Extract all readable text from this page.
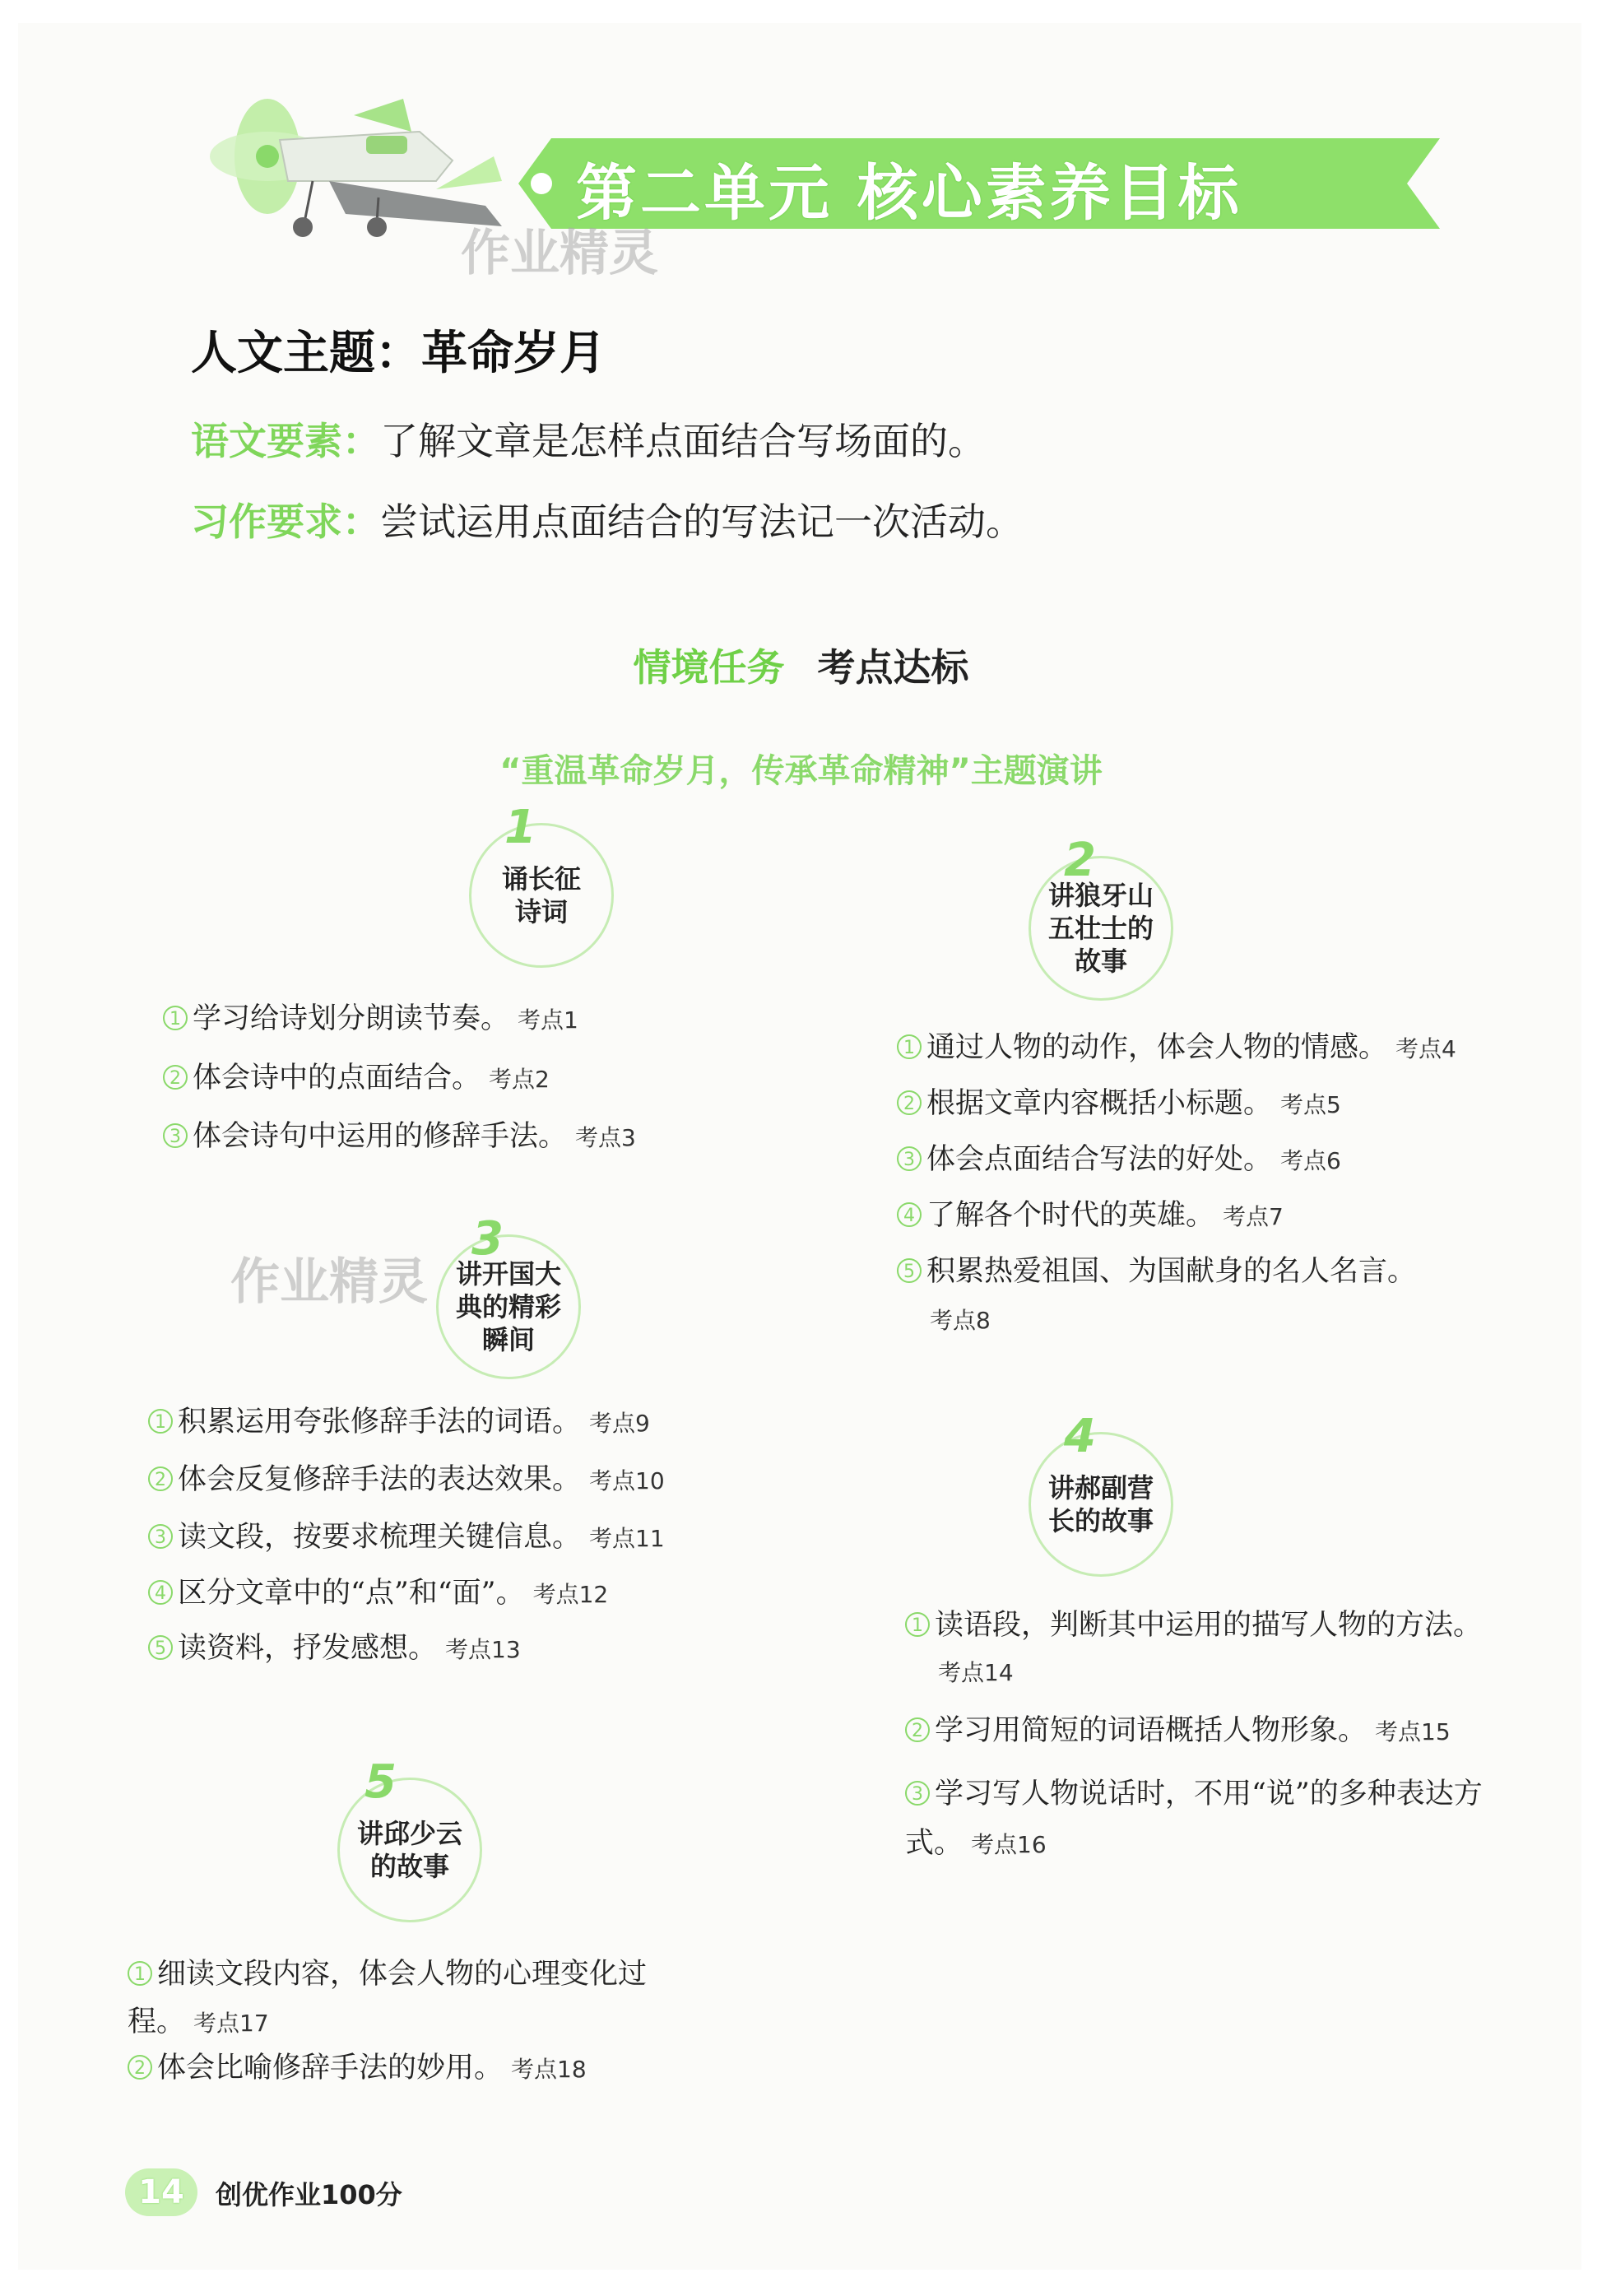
第二单元 核心素养目标
作业精灵
人文主题：革命岁月
语文要素：了解文章是怎样点面结合写场面的。
习作要求：尝试运用点面结合的写法记一次活动。
情境任务 考点达标
“重温革命岁月，传承革命精神”主题演讲
1
诵长征诗词
1 学习给诗划分朗读节奏。 考点1
2 体会诗中的点面结合。 考点2
3 体会诗句中运用的修辞手法。 考点3
2
讲狼牙山五壮士的故事
1 通过人物的动作，体会人物的情感。 考点4
2 根据文章内容概括小标题。 考点5
3 体会点面结合写法的好处。 考点6
4 了解各个时代的英雄。 考点7
5 积累热爱祖国、为国献身的名人名言。
考点8
作业精灵
3
讲开国大典的精彩瞬间
1 积累运用夸张修辞手法的词语。 考点9
2 体会反复修辞手法的表达效果。 考点10
3 读文段，按要求梳理关键信息。 考点11
4 区分文章中的“点”和“面”。 考点12
5 读资料，抒发感想。 考点13
4
讲郝副营长的故事
1 读语段，判断其中运用的描写人物的方法。
考点14
2 学习用简短的词语概括人物形象。 考点15
3 学习写人物说话时，不用“说”的多种表达方式。 考点16
5
讲邱少云的故事
1 细读文段内容，体会人物的心理变化过程。 考点17
2 体会比喻修辞手法的妙用。 考点18
14	创优作业100分
